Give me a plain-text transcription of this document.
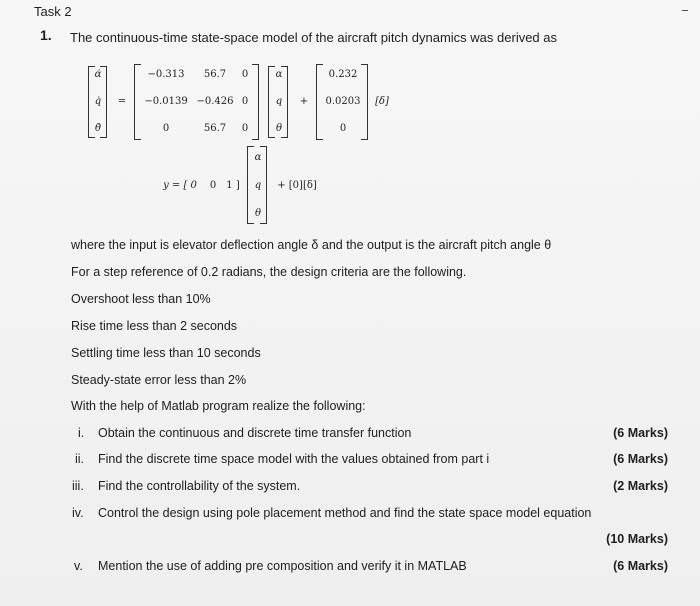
Task 2
1. The continuous-time state-space model of the aircraft pitch dynamics was derived as
α̇
q̇
θ̇
=
−0.313 56.7 0
−0.0139 −0.426 0
0	56.7 0
α
q
θ
+
0.232
0.0203
0
[δ]
y = [ 0 0 1 ]
α
q
θ
+ [0][δ]
where the input is elevator deflection angle δ and the output is the aircraft pitch angle θ
For a step reference of 0.2 radians, the design criteria are the following.
Overshoot less than 10%
Rise time less than 2 seconds
Settling time less than 10 seconds
Steady-state error less than 2%
With the help of Matlab program realize the following:
i. Obtain the continuous and discrete time transfer function	(6 Marks)
ii. Find the discrete time space model with the values obtained from part i	(6 Marks)
iii. Find the controllability of the system.	(2 Marks)
iv. Control the design using pole placement method and find the state space model equation
(10 Marks)
v. Mention the use of adding pre composition and verify it in MATLAB	(6 Marks)
